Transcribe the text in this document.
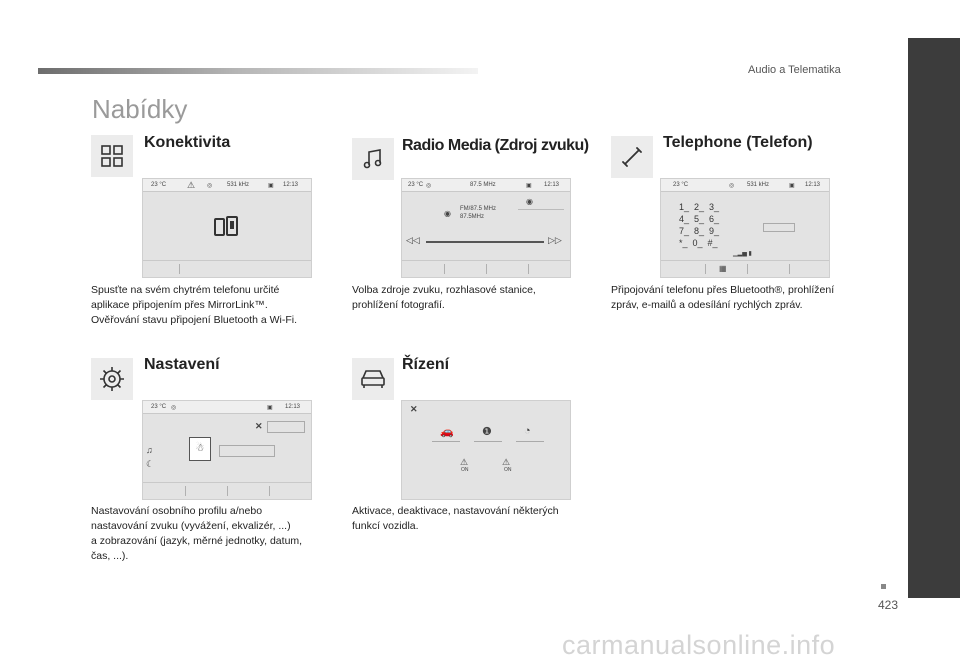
Audio a Telematika
Nabídky
Konektivita
23 °C ⚠ ◎ 531 kHz	▣ 12:13

Spusťte na svém chytrém telefonu určité

aplikace připojením přes MirrorLink™.

Ověřování stavu připojení Bluetooth a Wi-Fi.

Radio Media (Zdroj zvuku)
23 °C ◎	87.5 MHz	▣ 12:13
◉
◉ FM/87.5 MHz
87.5MHz
◁◁	▷▷

Volba zdroje zvuku, rozhlasové stanice,

prohlížení fotografií.

Telephone (Telefon)
23 °C	◎ 531 kHz	▣ 12:13
1_  2_  3_
4_  5_  6_
7_  8_  9_
*_  0_  #_
▁▂▅ ▮
▦

Připojování telefonu přes Bluetooth®, prohlížení

zpráv, e-mailů a odesílání rychlých zpráv.

Nastavení
23 °C ◎	▣ 12:13
✕
♫
☾
☃

Nastavování osobního profilu a/nebo

nastavování zvuku (vyvážení, ekvalizér, ...)

a zobrazování (jazyk, měrné jednotky, datum,

čas, ...).

Řízení
✕
🚗	❶	◔
⚠
ON
⚠
ON

Aktivace, deaktivace, nastavování některých

funkcí vozidla.

423
carmanualsonline.info
